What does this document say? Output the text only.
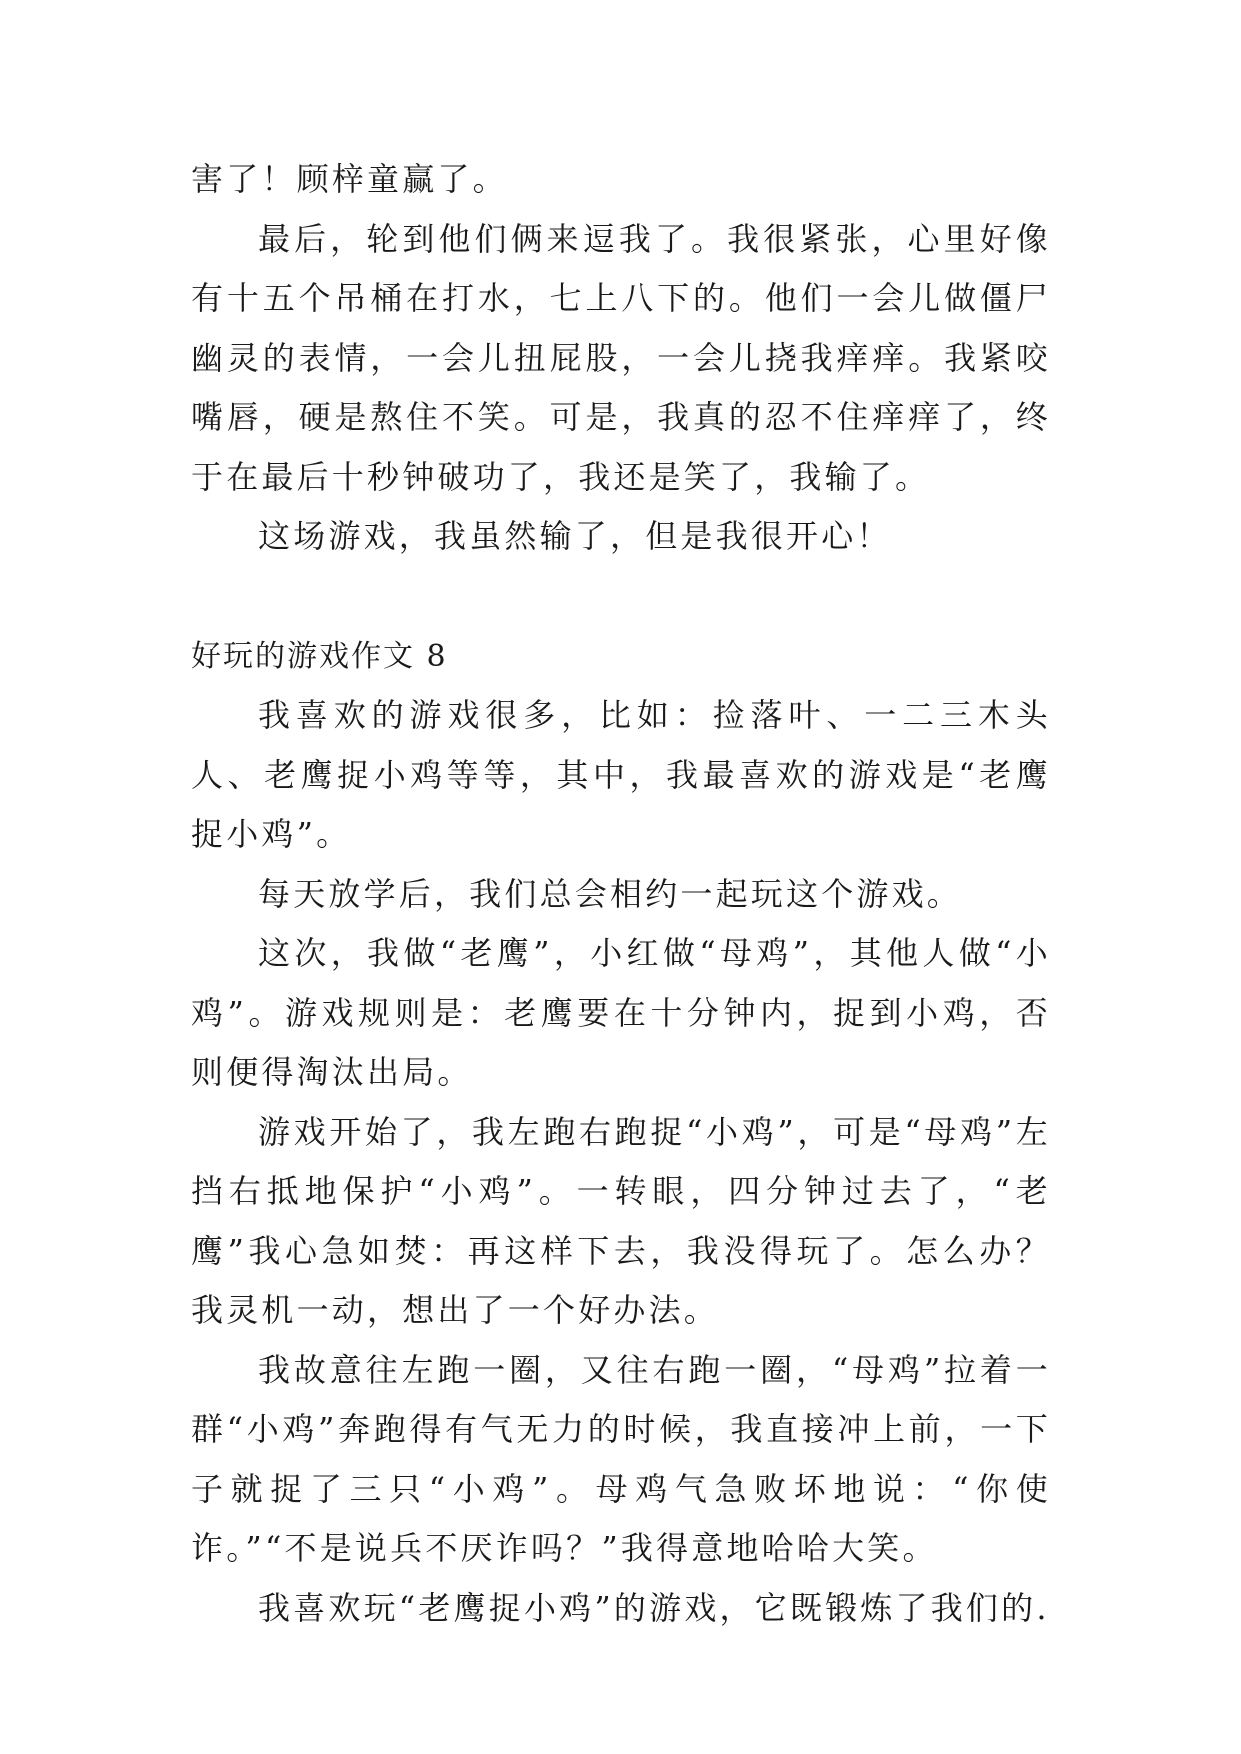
害了！顾梓童赢了。

最后，轮到他们俩来逗我了。我很紧张，心里好像有十五个吊桶在打水，七上八下的。他们一会儿做僵尸幽灵的表情，一会儿扭屁股，一会儿挠我痒痒。我紧咬嘴唇，硬是熬住不笑。可是，我真的忍不住痒痒了，终于在最后十秒钟破功了，我还是笑了，我输了。

这场游戏，我虽然输了，但是我很开心！

好玩的游戏作文 8

我喜欢的游戏很多，比如：捡落叶、一二三木头人、老鹰捉小鸡等等，其中，我最喜欢的游戏是“老鹰捉小鸡”。

每天放学后，我们总会相约一起玩这个游戏。

这次，我做“老鹰”，小红做“母鸡”，其他人做“小鸡”。游戏规则是：老鹰要在十分钟内，捉到小鸡，否则便得淘汰出局。

游戏开始了，我左跑右跑捉“小鸡”，可是“母鸡”左挡右抵地保护“小鸡”。一转眼，四分钟过去了，“老鹰”我心急如焚：再这样下去，我没得玩了。怎么办？我灵机一动，想出了一个好办法。

我故意往左跑一圈，又往右跑一圈，“母鸡”拉着一群“小鸡”奔跑得有气无力的时候，我直接冲上前，一下子就捉了三只“小鸡”。母鸡气急败坏地说：“你使诈。”“不是说兵不厌诈吗？”我得意地哈哈大笑。

我喜欢玩“老鹰捉小鸡”的游戏，它既锻炼了我们的.
